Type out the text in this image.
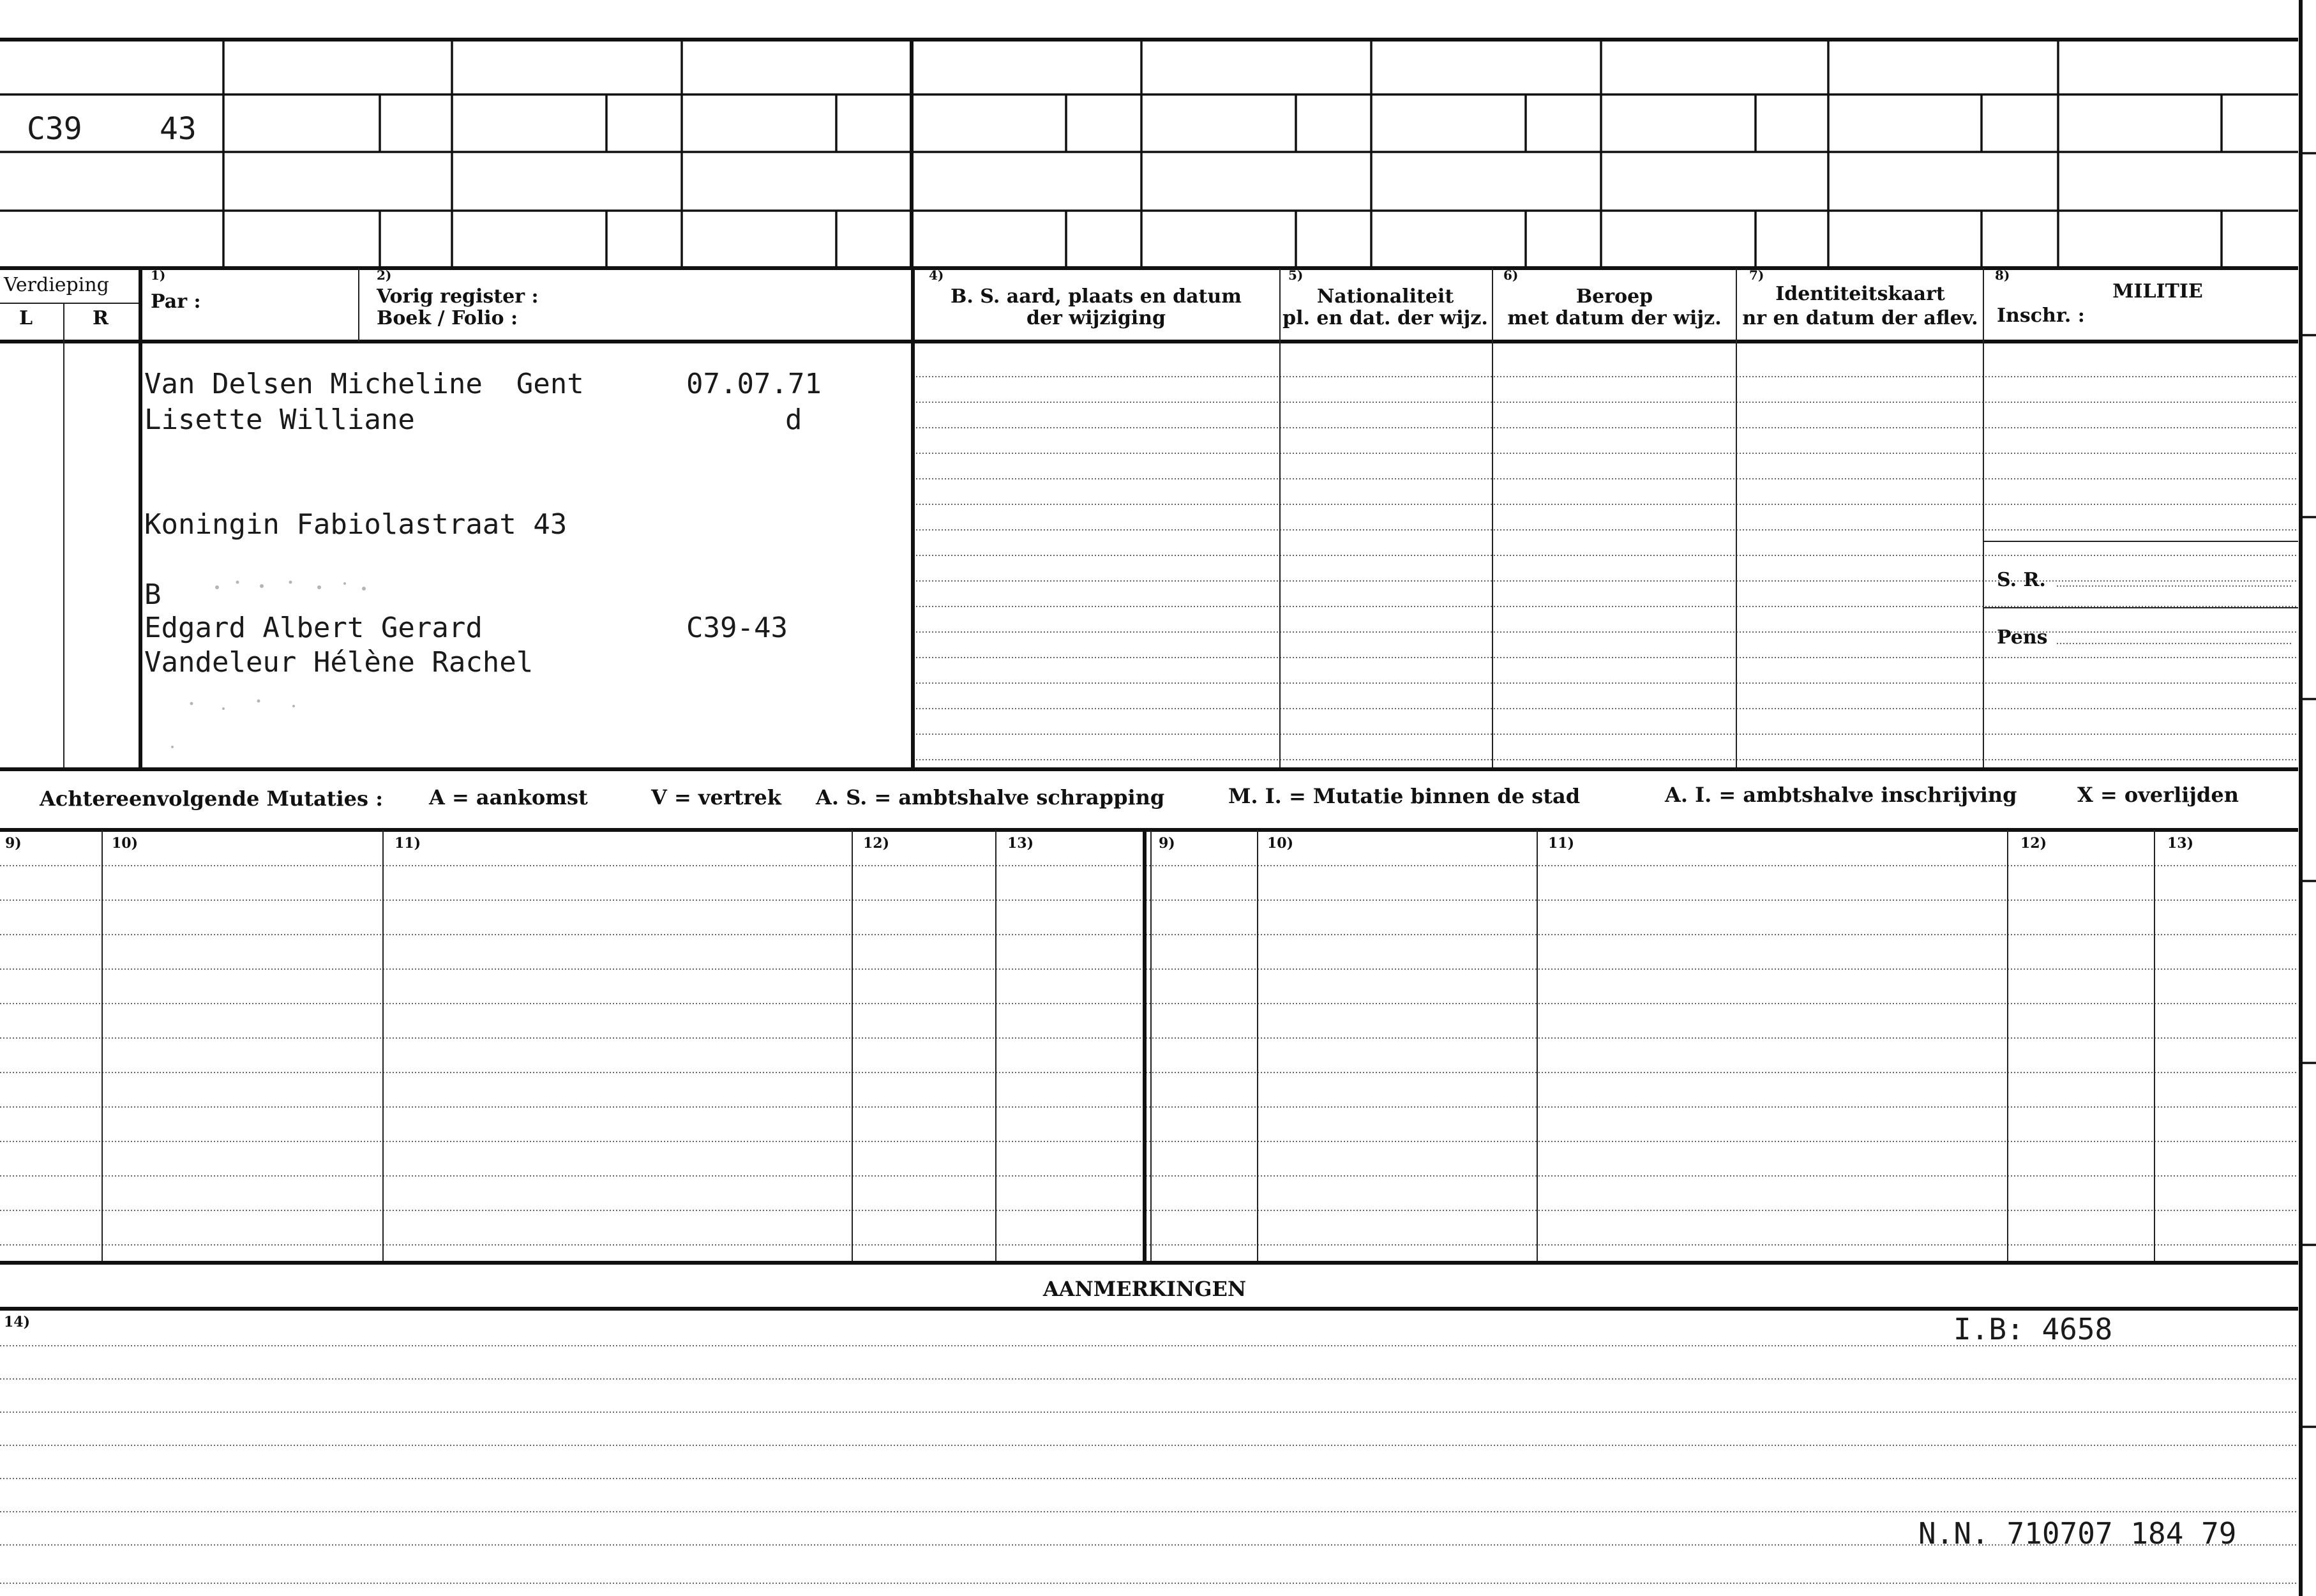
C39	43
Verdieping
L	R
1)
Par :
2)
Vorig register :
Boek / Folio :
4)
B. S. aard, plaats en datum
der wijziging
5)
Nationaliteit
pl. en dat. der wijz.
6)
Beroep
met datum der wijz.
7)
Identiteitskaart
nr en datum der aflev.
8)
MILITIE
Inschr. :
S. R.
Pens
Van Delsen Micheline  Gent	07.07.71
Lisette Williane	d
Koningin Fabiolastraat 43
B
Edgard Albert Gerard	C39-43
Vandeleur Hélène Rachel
Achtereenvolgende Mutaties : A = aankomst	V = vertrek A. S. = ambtshalve schrapping	M. I. = Mutatie binnen de stad	A. I. = ambtshalve inschrijving	X = overlijden
9)	10)	11)	12)	13)	9)	10)	11)	12)	13)
AANMERKINGEN
14)	I.B: 4658
N.N. 710707 184 79
